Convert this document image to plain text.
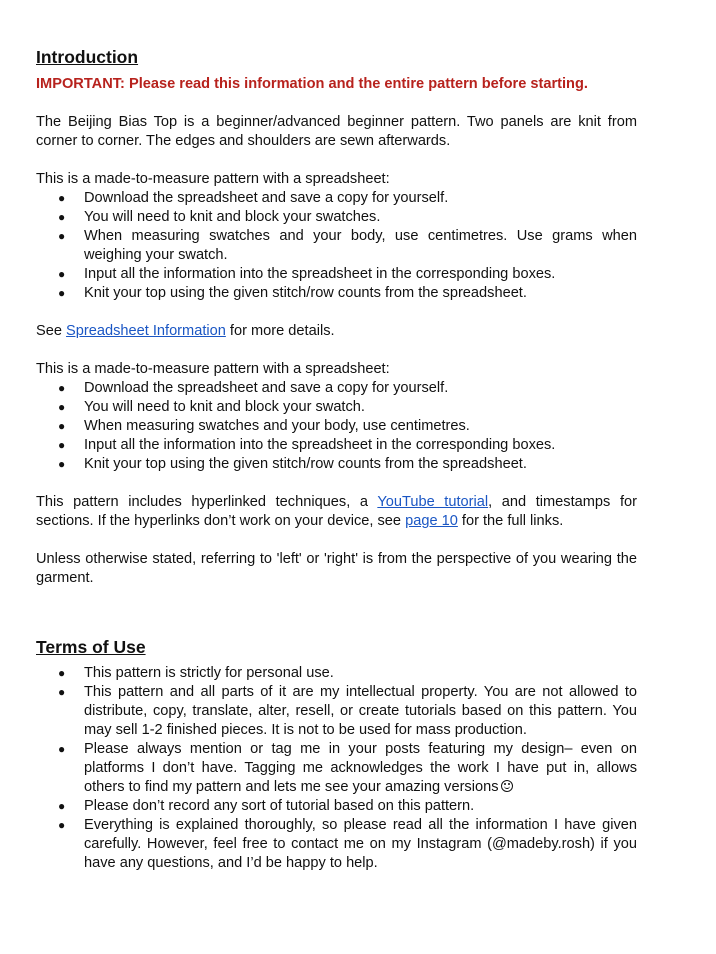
Introduction

IMPORTANT: Please read this information and the entire pattern before starting.

The Beijing Bias Top is a beginner/advanced beginner pattern. Two panels are knit from corner to corner. The edges and shoulders are sewn afterwards.

This is a made-to-measure pattern with a spreadsheet:

● Download the spreadsheet and save a copy for yourself.
● You will need to knit and block your swatches.
● When measuring swatches and your body, use centimetres. Use grams when weighing your swatch.
● Input all the information into the spreadsheet in the corresponding boxes.
● Knit your top using the given stitch/row counts from the spreadsheet.

See Spreadsheet Information for more details.

This is a made-to-measure pattern with a spreadsheet:

● Download the spreadsheet and save a copy for yourself.
● You will need to knit and block your swatch.
● When measuring swatches and your body, use centimetres.
● Input all the information into the spreadsheet in the corresponding boxes.
● Knit your top using the given stitch/row counts from the spreadsheet.

This pattern includes hyperlinked techniques, a YouTube tutorial, and timestamps for sections. If the hyperlinks don’t work on your device, see page 10 for the full links.

Unless otherwise stated, referring to 'left' or 'right' is from the perspective of you wearing the garment.

Terms of Use
● This pattern is strictly for personal use.
● This pattern and all parts of it are my intellectual property. You are not allowed to distribute, copy, translate, alter, resell, or create tutorials based on this pattern. You may sell 1-2 finished pieces. It is not to be used for mass production.
● Please always mention or tag me in your posts featuring my design– even on platforms I don’t have. Tagging me acknowledges the work I have put in, allows others to find my pattern and lets me see your amazing versions
● Please don’t record any sort of tutorial based on this pattern.
● Everything is explained thoroughly, so please read all the information I have given carefully. However, feel free to contact me on my Instagram (@madeby.rosh) if you have any questions, and I’d be happy to help.
